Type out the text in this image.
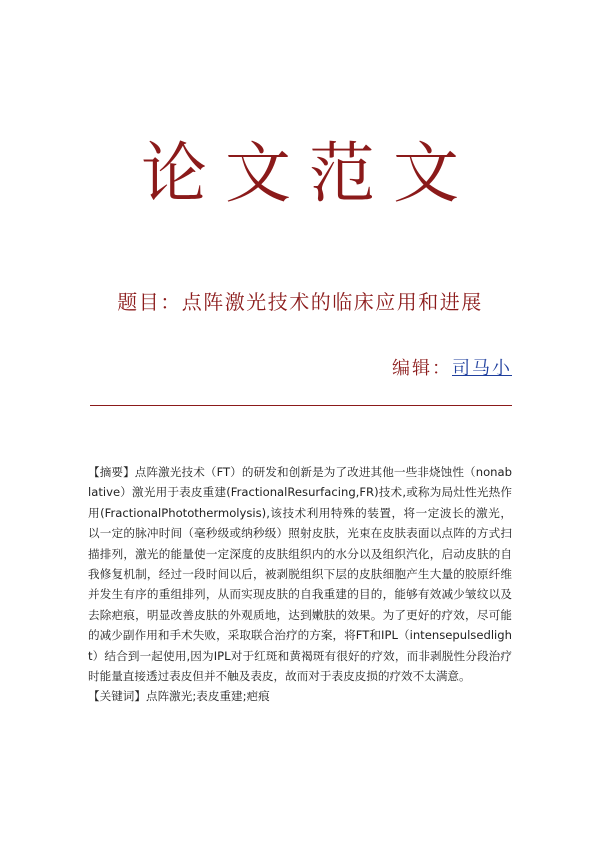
论文范文
题目：点阵激光技术的临床应用和进展
编辑：司马小

【摘要】点阵激光技术（FT）的研发和创新是为了改进其他一些非烧蚀性（nonablative）激光用于表皮重建(FractionalResurfacing,FR)技术,或称为局灶性光热作用(FractionalPhotothermolysis),该技术利用特殊的装置，将一定波长的激光，以一定的脉冲时间（毫秒级或纳秒级）照射皮肤，光束在皮肤表面以点阵的方式扫描排列，激光的能量使一定深度的皮肤组织内的水分以及组织汽化，启动皮肤的自我修复机制，经过一段时间以后，被剥脱组织下层的皮肤细胞产生大量的胶原纤维并发生有序的重组排列，从而实现皮肤的自我重建的目的，能够有效减少皱纹以及去除疤痕，明显改善皮肤的外观质地，达到嫩肤的效果。为了更好的疗效，尽可能的减少副作用和手术失败，采取联合治疗的方案，将FT和IPL（intensepulsedlight）结合到一起使用,因为IPL对于红斑和黄褐斑有很好的疗效，而非剥脱性分段治疗时能量直接透过表皮但并不触及表皮，故而对于表皮皮损的疗效不太满意。

【关键词】点阵激光;表皮重建;疤痕
